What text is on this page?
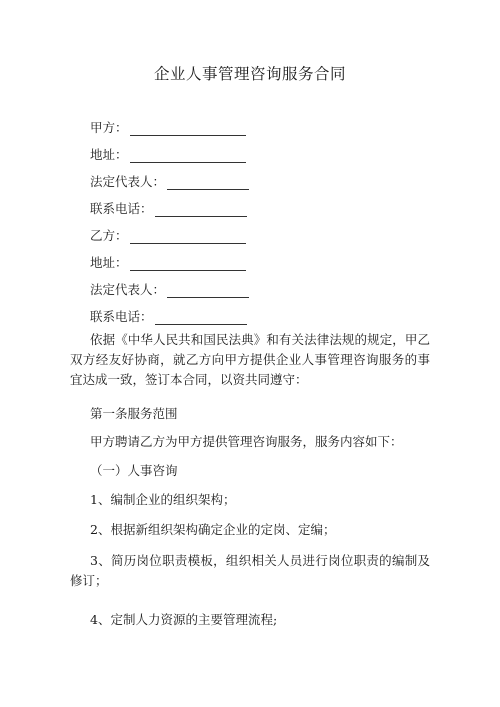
企业人事管理咨询服务合同
甲方：
地址：
法定代表人：
联系电话：
乙方：
地址：
法定代表人：
联系电话：
依据《中华人民共和国民法典》和有关法律法规的规定，甲乙双方经友好协商，就乙方向甲方提供企业人事管理咨询服务的事宜达成一致，签订本合同，以资共同遵守：
第一条服务范围
甲方聘请乙方为甲方提供管理咨询服务，服务内容如下：
（一）人事咨询
1、编制企业的组织架构；
2、根据新组织架构确定企业的定岗、定编；
3、简历岗位职责模板，组织相关人员进行岗位职责的编制及修订；
4、定制人力资源的主要管理流程;
